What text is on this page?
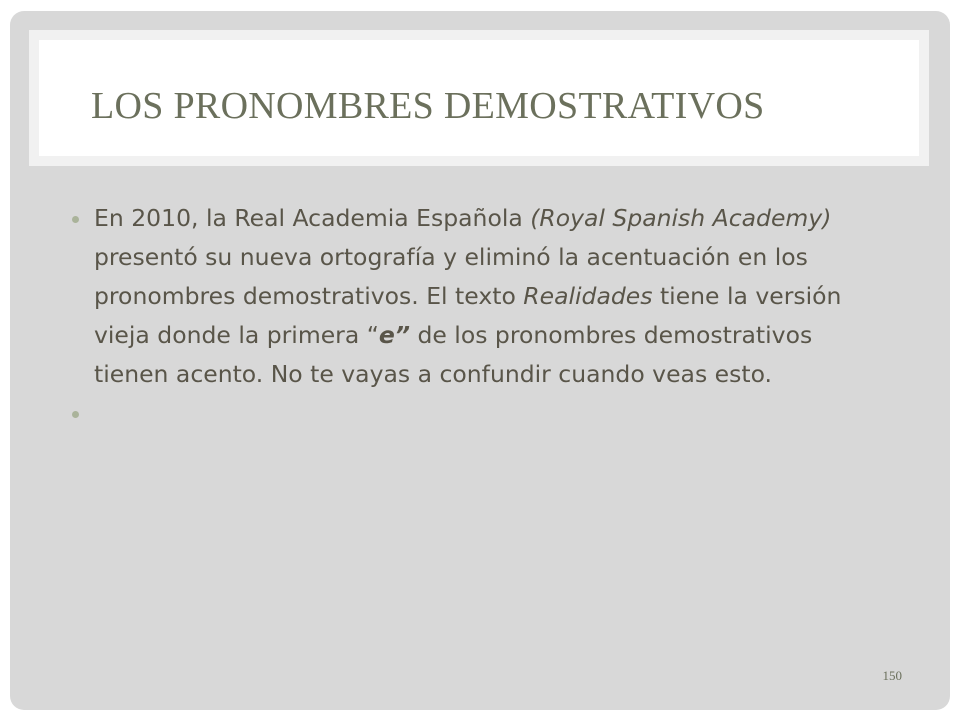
LOS PRONOMBRES DEMOSTRATIVOS
En 2010, la Real Academia Española (Royal Spanish Academy) presentó su nueva ortografía y eliminó la acentuación en los pronombres demostrativos. El texto Realidades tiene la versión vieja donde la primera “e” de los pronombres demostrativos tienen acento. No te vayas a confundir cuando veas esto.
150
